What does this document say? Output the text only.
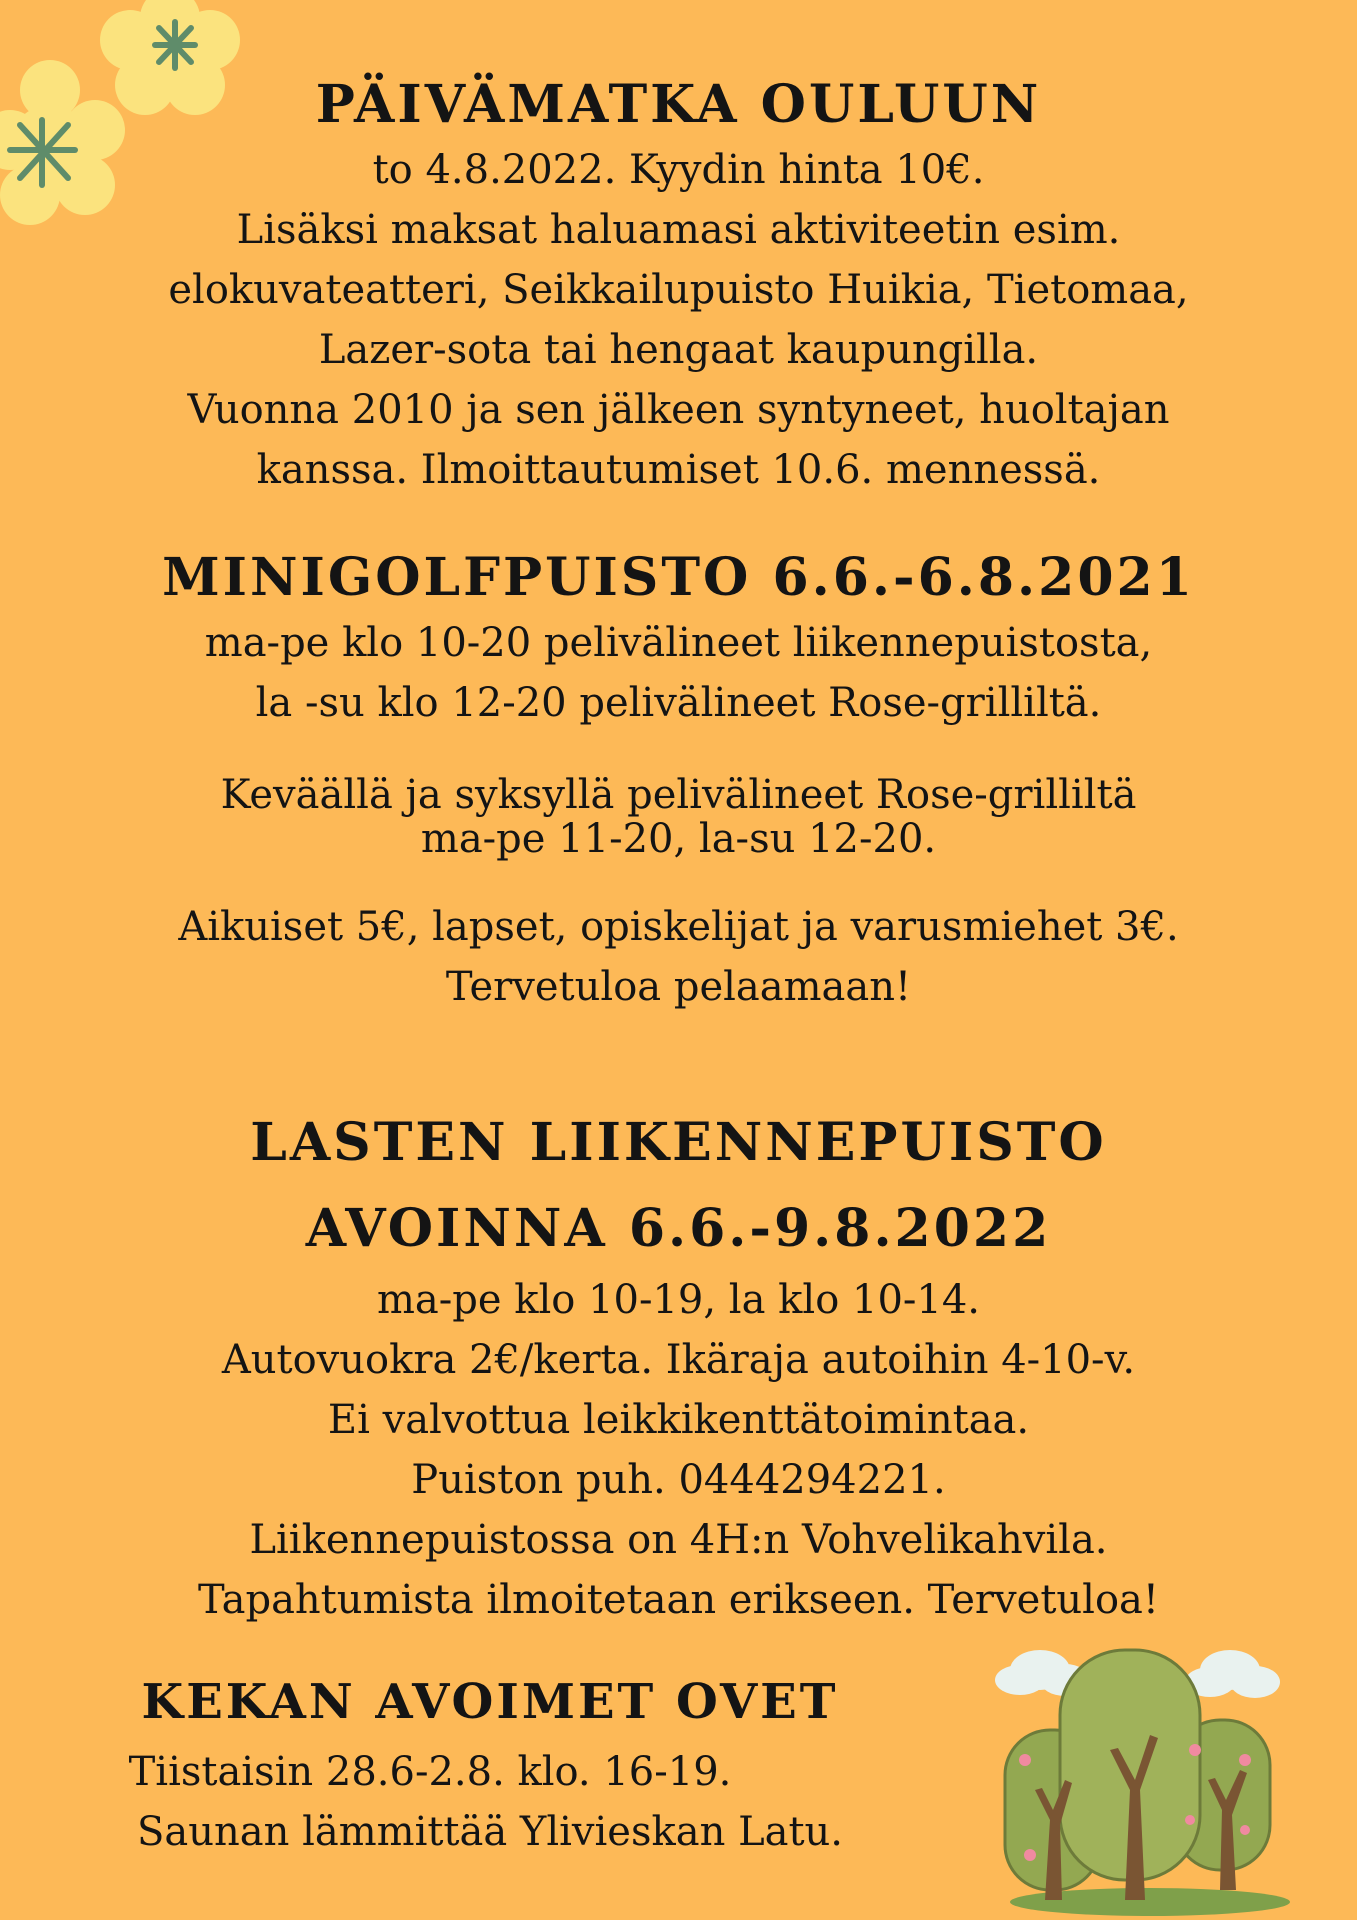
PÄIVÄMATKA OULUUN

to 4.8.2022. Kyydin hinta 10€.

Lisäksi maksat haluamasi aktiviteetin esim.

elokuvateatteri, Seikkailupuisto Huikia, Tietomaa,

Lazer-sota tai hengaat kaupungilla.

Vuonna 2010 ja sen jälkeen syntyneet, huoltajan

kanssa. Ilmoittautumiset 10.6. mennessä.

MINIGOLFPUISTO 6.6.-6.8.2021

ma-pe klo 10-20 pelivälineet liikennepuistosta,

la -su klo 12-20 pelivälineet Rose-grilliltä.

Keväällä ja syksyllä pelivälineet Rose-grilliltä

ma-pe 11-20, la-su 12-20.

Aikuiset 5€, lapset, opiskelijat ja varusmiehet 3€.

Tervetuloa pelaamaan!

LASTEN LIIKENNEPUISTO
AVOINNA 6.6.-9.8.2022

ma-pe klo 10-19, la klo 10-14.

Autovuokra 2€/kerta. Ikäraja autoihin 4-10-v.

Ei valvottua leikkikenttätoimintaa.

Puiston puh. 0444294221.

Liikennepuistossa on 4H:n Vohvelikahvila.

Tapahtumista ilmoitetaan erikseen. Tervetuloa!

KEKAN AVOIMET OVET

Tiistaisin 28.6-2.8. klo. 16-19.

Saunan lämmittää Ylivieskan Latu.
